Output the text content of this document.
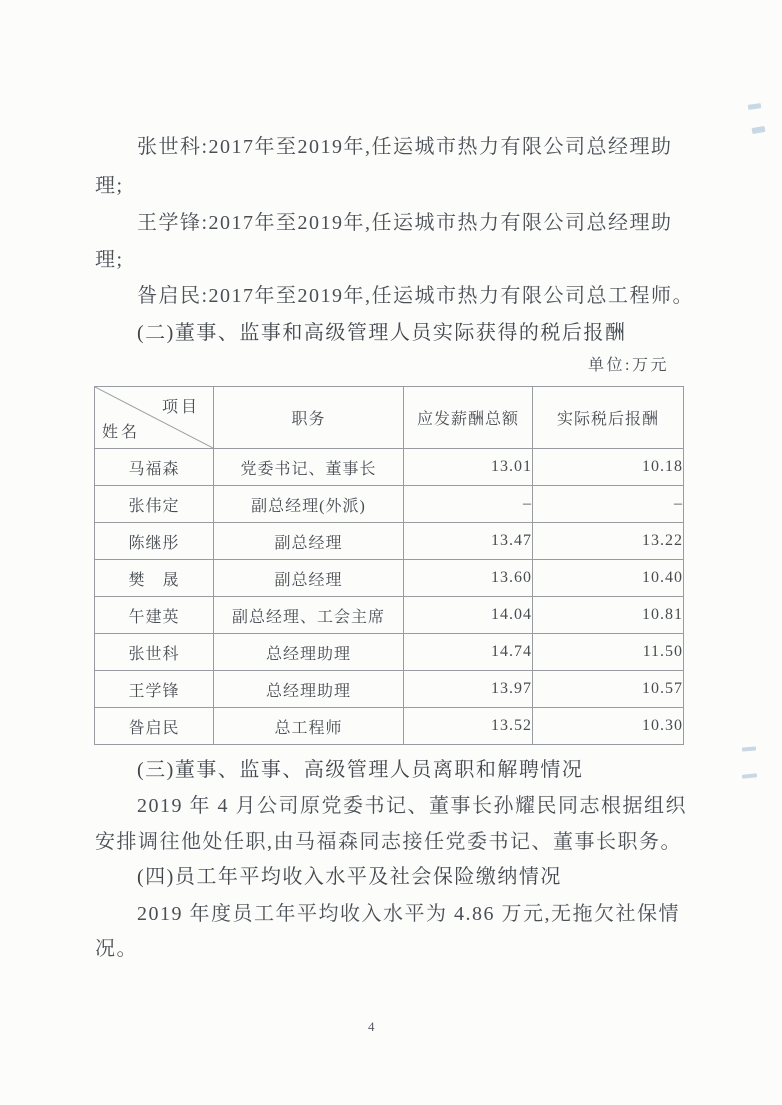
张世科:2017年至2019年,任运城市热力有限公司总经理助
理;
王学锋:2017年至2019年,任运城市热力有限公司总经理助
理;
昝启民:2017年至2019年,任运城市热力有限公司总工程师。
(二)董事、监事和高级管理人员实际获得的税后报酬
单位:万元
项目
姓名	职务	应发薪酬总额	实际税后报酬
马福森	党委书记、董事长	13.01	10.18
张伟定	副总经理(外派)	–	–
陈继彤	副总经理	13.47	13.22
樊　晟	副总经理	13.60	10.40
午建英	副总经理、工会主席	14.04	10.81
张世科	总经理助理	14.74	11.50
王学锋	总经理助理	13.97	10.57
昝启民	总工程师	13.52	10.30
(三)董事、监事、高级管理人员离职和解聘情况
2019 年 4 月公司原党委书记、董事长孙耀民同志根据组织
安排调往他处任职,由马福森同志接任党委书记、董事长职务。
(四)员工年平均收入水平及社会保险缴纳情况
2019 年度员工年平均收入水平为 4.86 万元,无拖欠社保情
况。
4
